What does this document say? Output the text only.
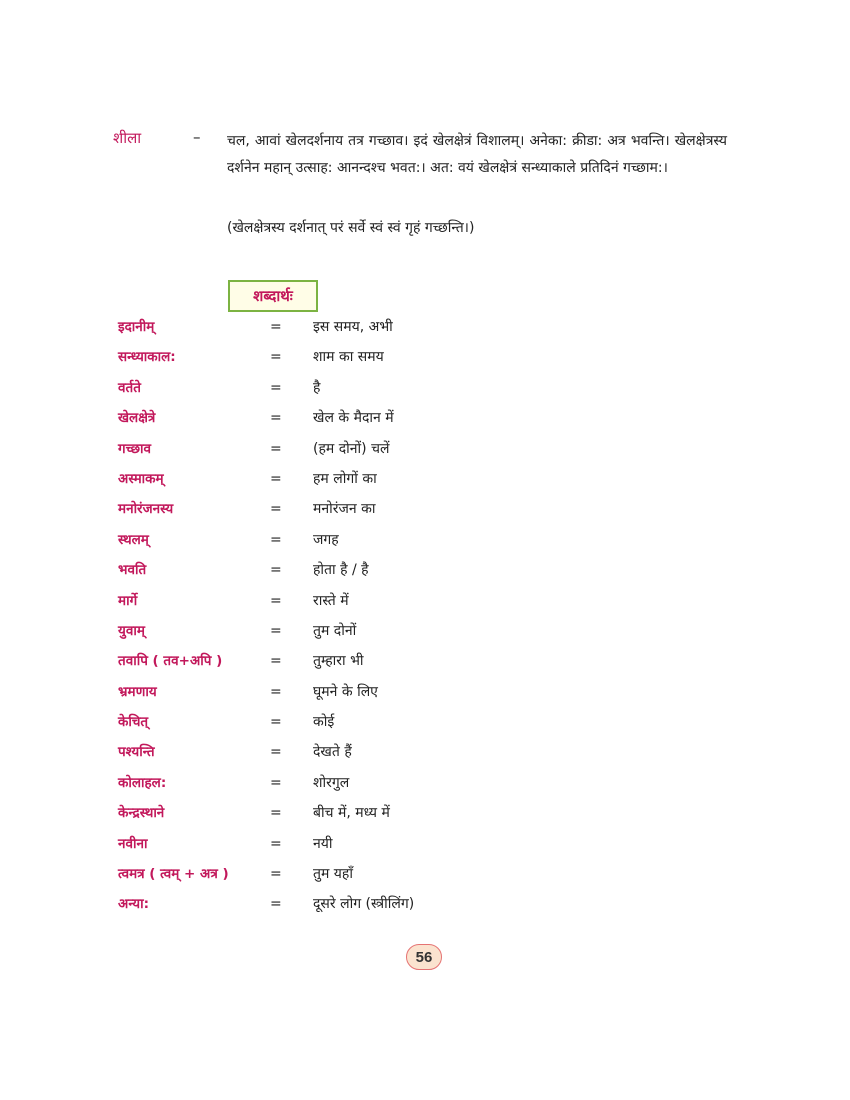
शीला	– चल, आवां खेलदर्शनाय तत्र गच्छाव। इदं खेलक्षेत्रं विशालम्। अनेका: क्रीडा: अत्र भवन्ति। खेलक्षेत्रस्य दर्शनेन महान् उत्साह: आनन्दश्च भवत:। अत: वयं खेलक्षेत्रं सन्ध्याकाले प्रतिदिनं गच्छाम:।
(खेलक्षेत्रस्य दर्शनात् परं सर्वे स्वं स्वं गृहं गच्छन्ति।)
शब्दार्थः
इदानीम्	= इस समय, अभी
सन्ध्याकाल:	= शाम का समय
वर्तते	= है
खेलक्षेत्रे	= खेल के मैदान में
गच्छाव	= (हम दोनों) चलें
अस्माकम्	= हम लोगों का
मनोरंजनस्य	= मनोरंजन का
स्थलम्	= जगह
भवति	= होता है / है
मार्गे	= रास्ते में
युवाम्	= तुम दोनों
तवापि ( तव+अपि )	= तुम्हारा भी
भ्रमणाय	= घूमने के लिए
केचित्	= कोई
पश्यन्ति	= देखते हैं
कोलाहल:	= शोरगुल
केन्द्रस्थाने	= बीच में, मध्य में
नवीना	= नयी
त्वमत्र ( त्वम् + अत्र )	= तुम यहाँ
अन्या:	= दूसरे लोग (स्त्रीलिंग)
56
